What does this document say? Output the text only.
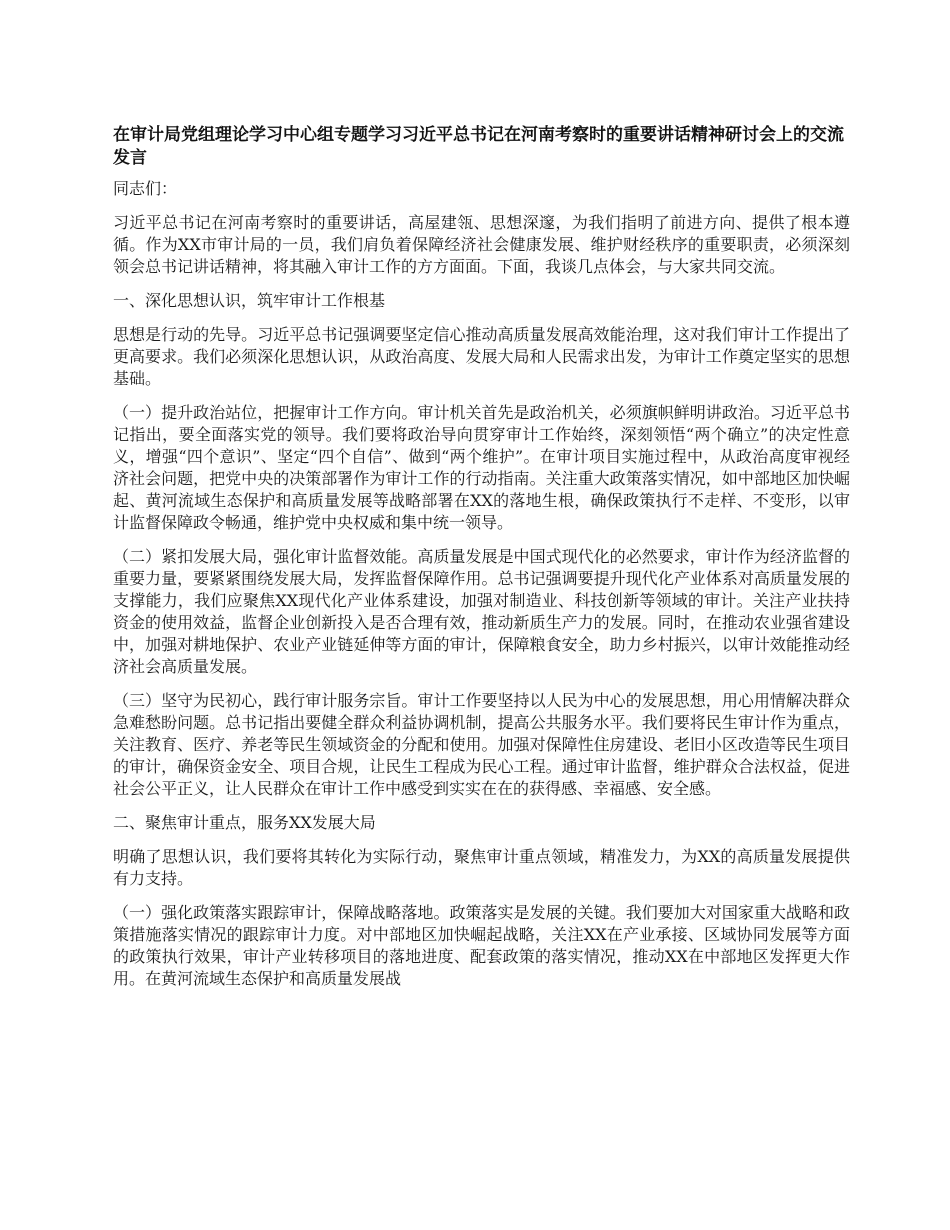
在审计局党组理论学习中心组专题学习习近平总书记在河南考察时的重要讲话精神研讨会上的交流发言

同志们：

习近平总书记在河南考察时的重要讲话，高屋建瓴、思想深邃，为我们指明了前进方向、提供了根本遵循。作为XX市审计局的一员，我们肩负着保障经济社会健康发展、维护财经秩序的重要职责，必须深刻领会总书记讲话精神，将其融入审计工作的方方面面。下面，我谈几点体会，与大家共同交流。

一、深化思想认识，筑牢审计工作根基

思想是行动的先导。习近平总书记强调要坚定信心推动高质量发展高效能治理，这对我们审计工作提出了更高要求。我们必须深化思想认识，从政治高度、发展大局和人民需求出发，为审计工作奠定坚实的思想基础。

（一）提升政治站位，把握审计工作方向。审计机关首先是政治机关，必须旗帜鲜明讲政治。习近平总书记指出，要全面落实党的领导。我们要将政治导向贯穿审计工作始终，深刻领悟“两个确立”的决定性意义，增强“四个意识”、坚定“四个自信”、做到“两个维护”。在审计项目实施过程中，从政治高度审视经济社会问题，把党中央的决策部署作为审计工作的行动指南。关注重大政策落实情况，如中部地区加快崛起、黄河流域生态保护和高质量发展等战略部署在XX的落地生根，确保政策执行不走样、不变形，以审计监督保障政令畅通，维护党中央权威和集中统一领导。

（二）紧扣发展大局，强化审计监督效能。高质量发展是中国式现代化的必然要求，审计作为经济监督的重要力量，要紧紧围绕发展大局，发挥监督保障作用。总书记强调要提升现代化产业体系对高质量发展的支撑能力，我们应聚焦XX现代化产业体系建设，加强对制造业、科技创新等领域的审计。关注产业扶持资金的使用效益，监督企业创新投入是否合理有效，推动新质生产力的发展。同时，在推动农业强省建设中，加强对耕地保护、农业产业链延伸等方面的审计，保障粮食安全，助力乡村振兴，以审计效能推动经济社会高质量发展。

（三）坚守为民初心，践行审计服务宗旨。审计工作要坚持以人民为中心的发展思想，用心用情解决群众急难愁盼问题。总书记指出要健全群众利益协调机制，提高公共服务水平。我们要将民生审计作为重点，关注教育、医疗、养老等民生领域资金的分配和使用。加强对保障性住房建设、老旧小区改造等民生项目的审计，确保资金安全、项目合规，让民生工程成为民心工程。通过审计监督，维护群众合法权益，促进社会公平正义，让人民群众在审计工作中感受到实实在在的获得感、幸福感、安全感。

二、聚焦审计重点，服务XX发展大局

明确了思想认识，我们要将其转化为实际行动，聚焦审计重点领域，精准发力，为XX的高质量发展提供有力支持。

（一）强化政策落实跟踪审计，保障战略落地。政策落实是发展的关键。我们要加大对国家重大战略和政策措施落实情况的跟踪审计力度。对中部地区加快崛起战略，关注XX在产业承接、区域协同发展等方面的政策执行效果，审计产业转移项目的落地进度、配套政策的落实情况，推动XX在中部地区发挥更大作用。在黄河流域生态保护和高质量发展战
